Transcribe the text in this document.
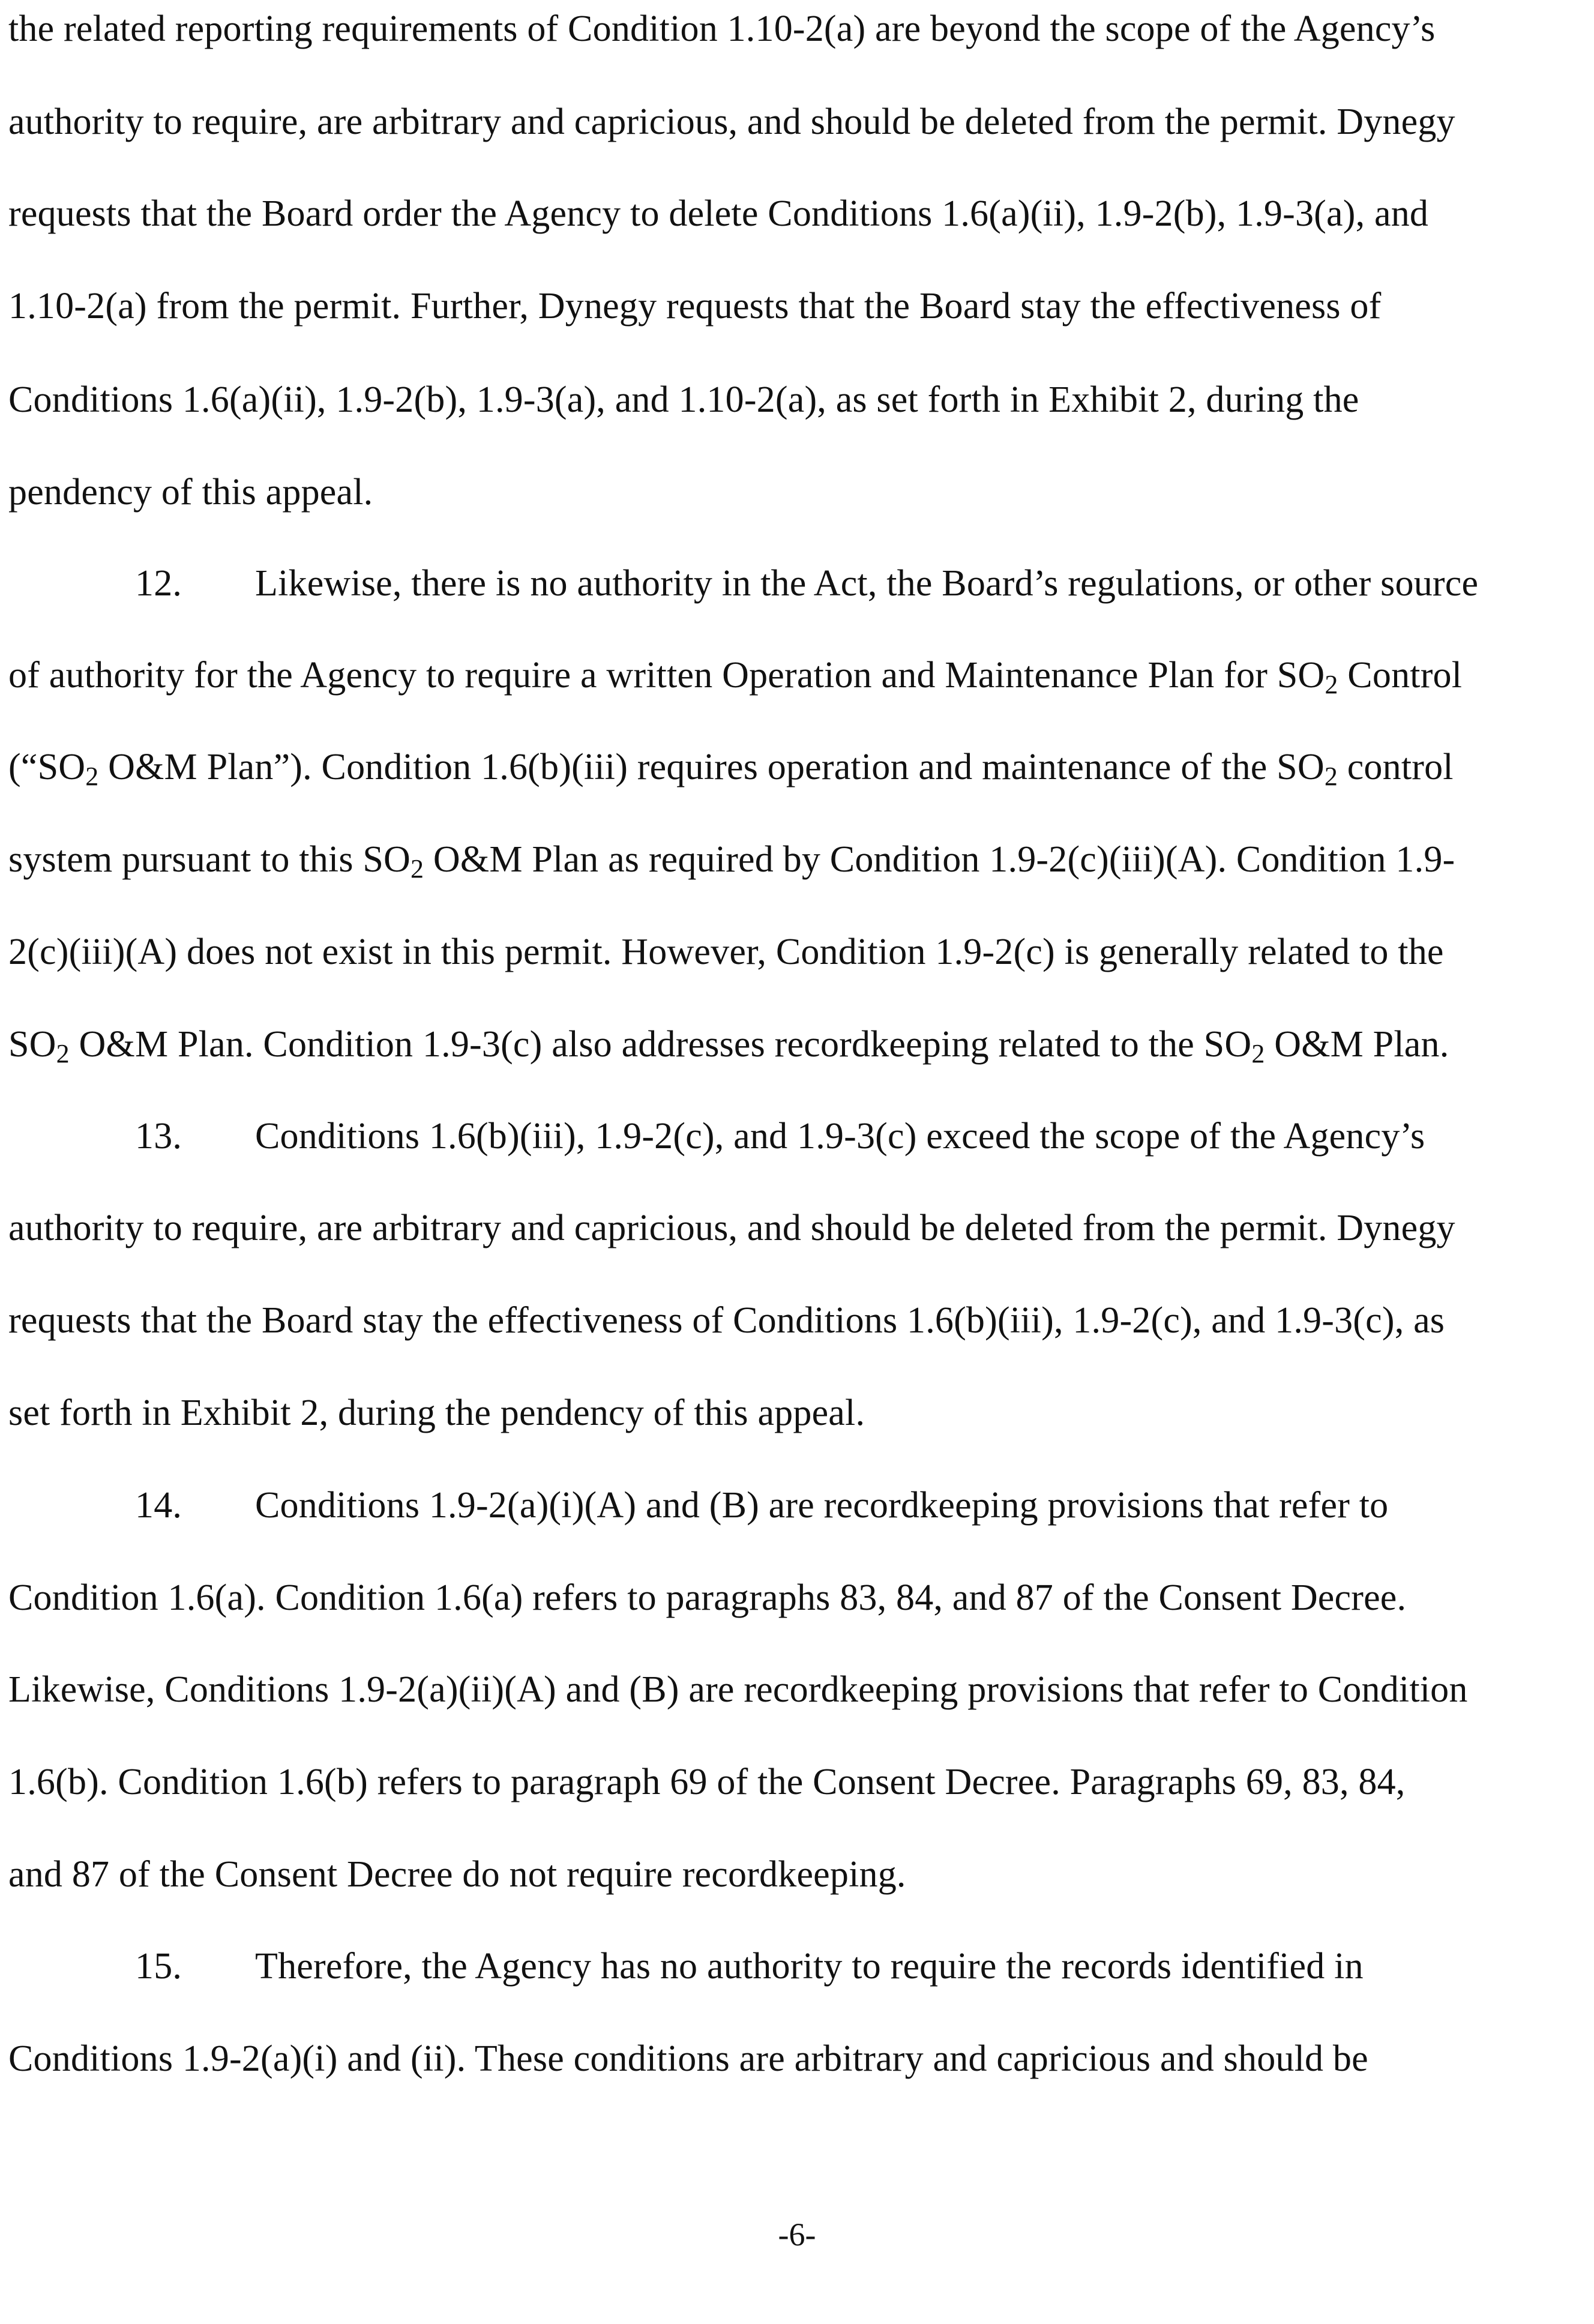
the related reporting requirements of Condition 1.10-2(a) are beyond the scope of the Agency’s
authority to require, are arbitrary and capricious, and should be deleted from the permit. Dynegy
requests that the Board order the Agency to delete Conditions 1.6(a)(ii), 1.9-2(b), 1.9-3(a), and
1.10-2(a) from the permit. Further, Dynegy requests that the Board stay the effectiveness of
Conditions 1.6(a)(ii), 1.9-2(b), 1.9-3(a), and 1.10-2(a), as set forth in Exhibit 2, during the
pendency of this appeal.
12. Likewise, there is no authority in the Act, the Board’s regulations, or other source
of authority for the Agency to require a written Operation and Maintenance Plan for $SO_2$ Control
(“$SO_2$ O&M Plan”). Condition 1.6(b)(iii) requires operation and maintenance of the $SO_2$ control
system pursuant to this $SO_2$ O&M Plan as required by Condition 1.9-2(c)(iii)(A). Condition 1.9-
2(c)(iii)(A) does not exist in this permit. However, Condition 1.9-2(c) is generally related to the
$SO_2$ O&M Plan. Condition 1.9-3(c) also addresses recordkeeping related to the $SO_2$ O&M Plan.
13. Conditions 1.6(b)(iii), 1.9-2(c), and 1.9-3(c) exceed the scope of the Agency’s
authority to require, are arbitrary and capricious, and should be deleted from the permit. Dynegy
requests that the Board stay the effectiveness of Conditions 1.6(b)(iii), 1.9-2(c), and 1.9-3(c), as
set forth in Exhibit 2, during the pendency of this appeal.
14. Conditions 1.9-2(a)(i)(A) and (B) are recordkeeping provisions that refer to
Condition 1.6(a). Condition 1.6(a) refers to paragraphs 83, 84, and 87 of the Consent Decree.
Likewise, Conditions 1.9-2(a)(ii)(A) and (B) are recordkeeping provisions that refer to Condition
1.6(b). Condition 1.6(b) refers to paragraph 69 of the Consent Decree. Paragraphs 69, 83, 84,
and 87 of the Consent Decree do not require recordkeeping.
15. Therefore, the Agency has no authority to require the records identified in
Conditions 1.9-2(a)(i) and (ii). These conditions are arbitrary and capricious and should be
-6-
